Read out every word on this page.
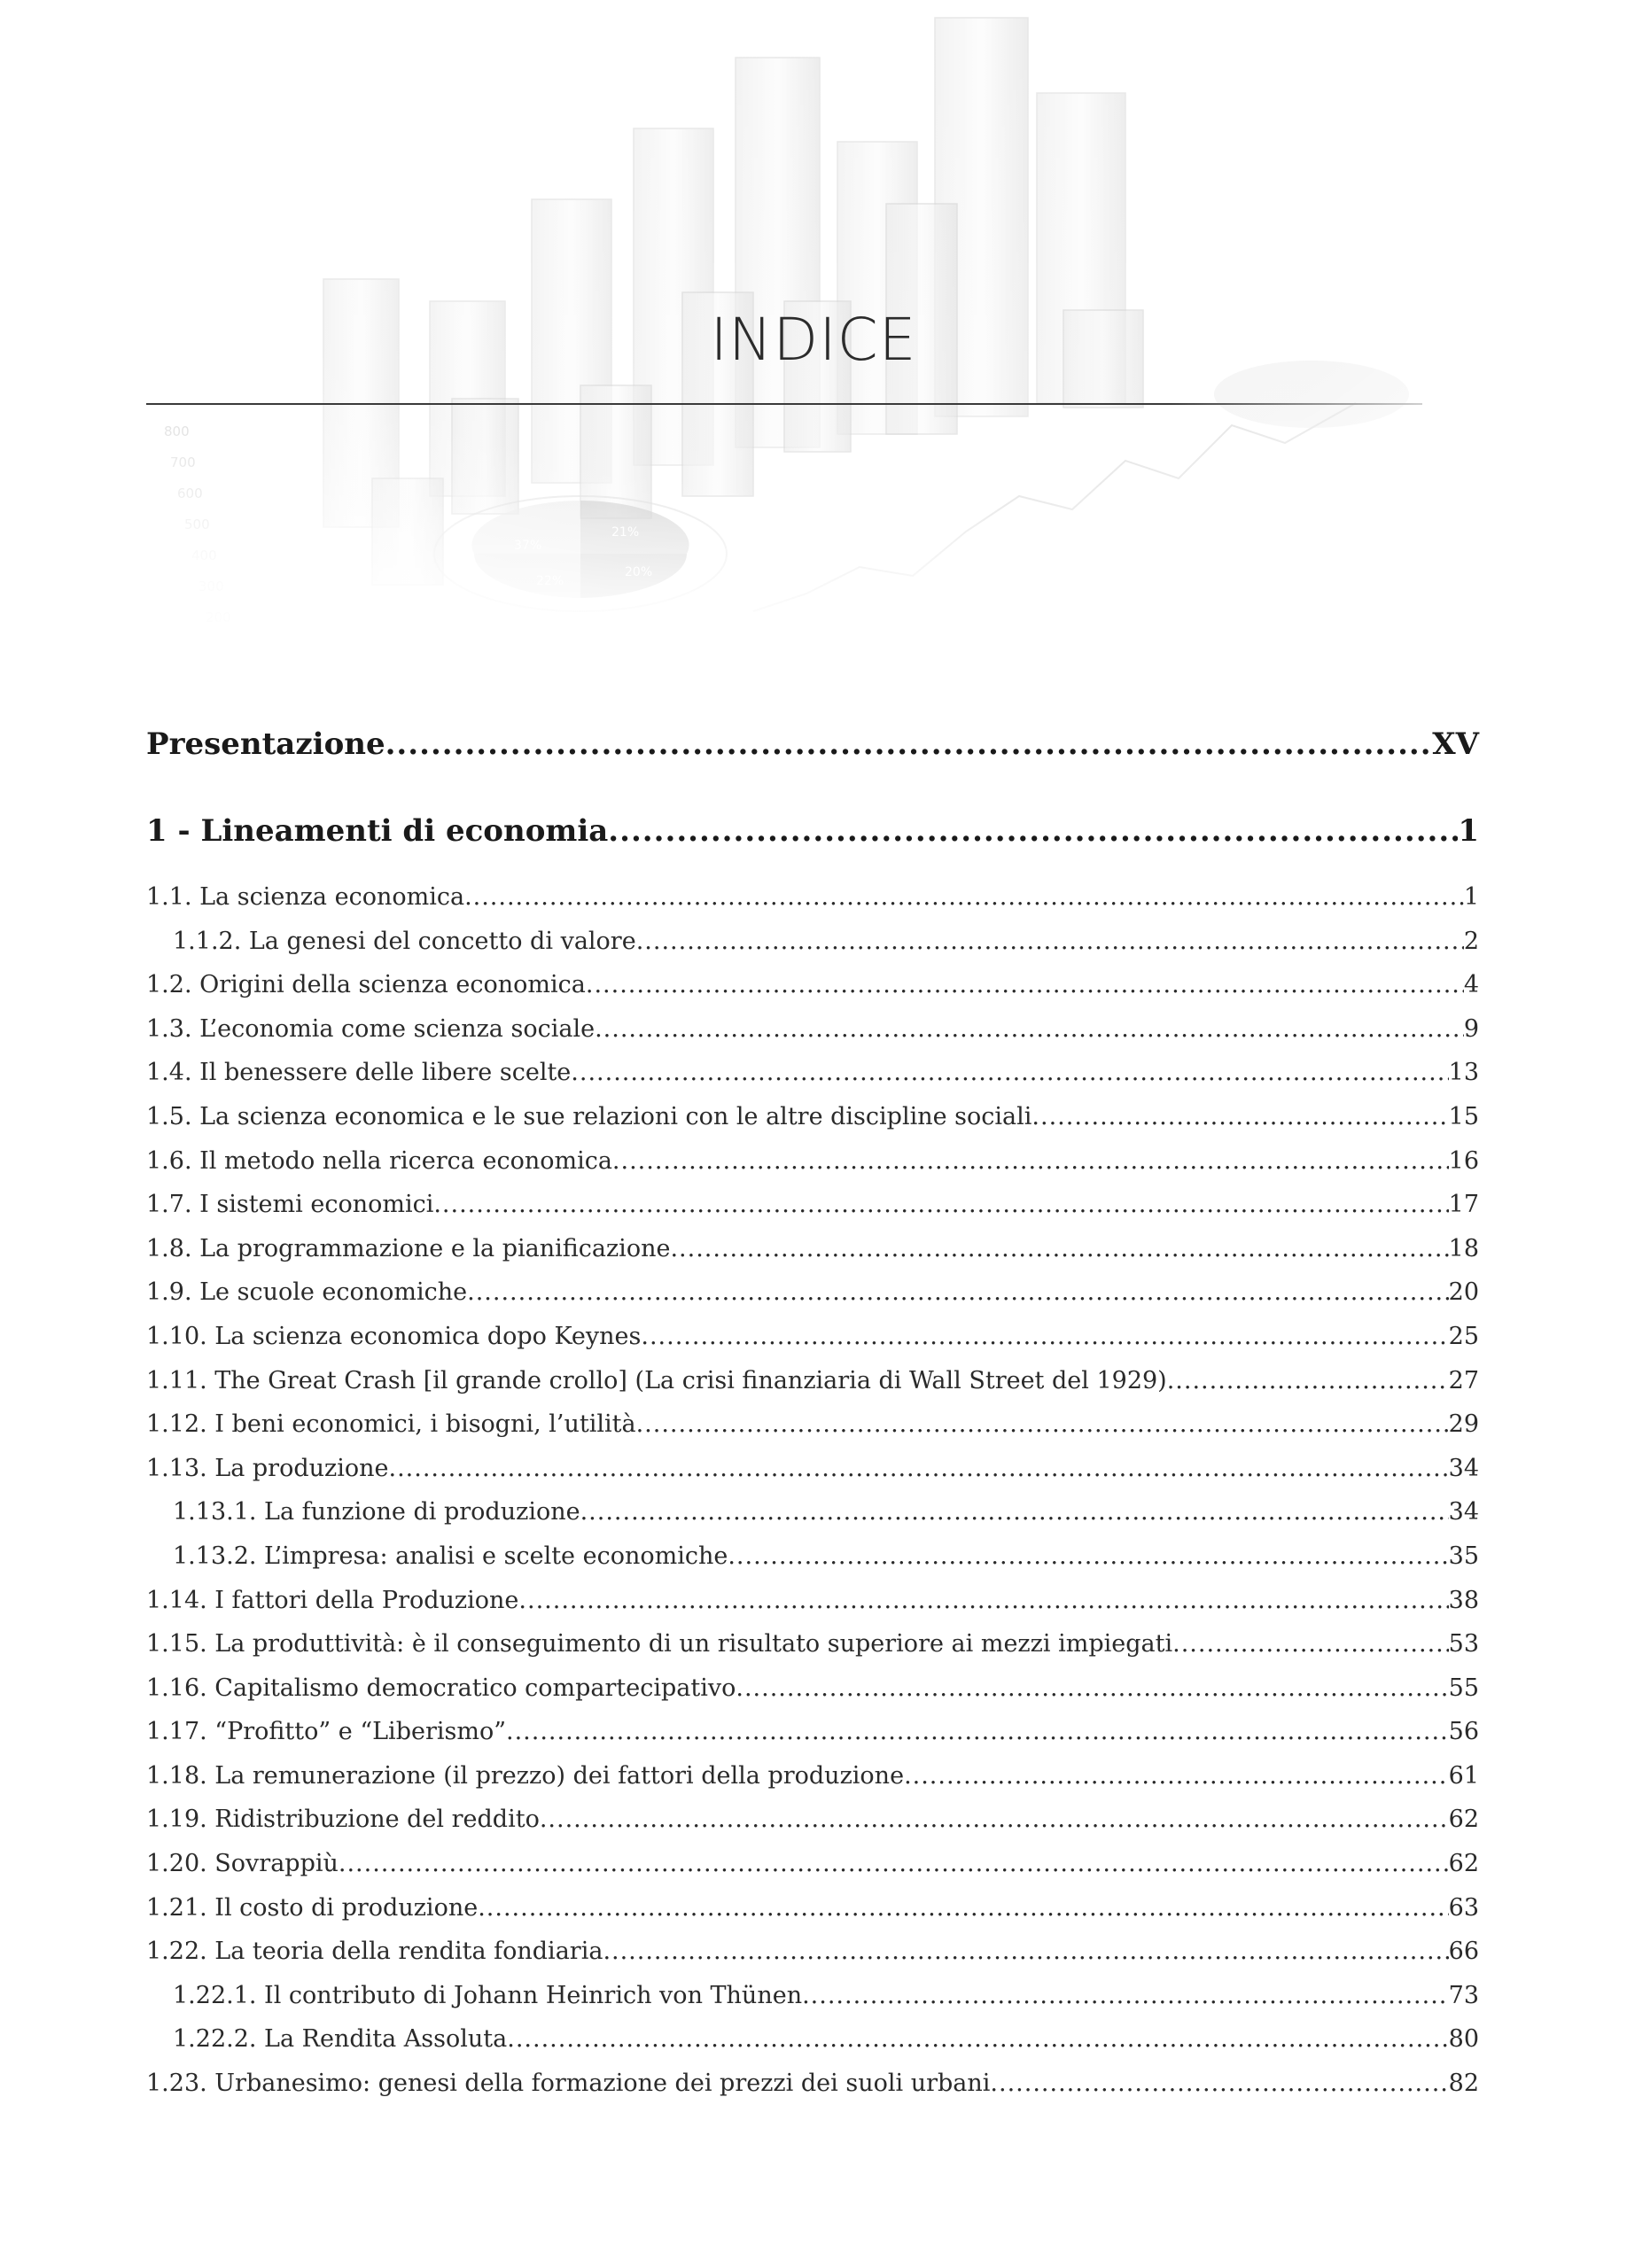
INDICE
Presentazione .....	XV
1 - Lineamenti di economia .....	1
1.1. La scienza economica .....	1
1.1.2. La genesi del concetto di valore .....	2
1.2. Origini della scienza economica .....	4
1.3. L’economia come scienza sociale .....	9
1.4. Il benessere delle libere scelte .....	13
1.5. La scienza economica e le sue relazioni con le altre discipline sociali .....	15
1.6. Il metodo nella ricerca economica .....	16
1.7. I sistemi economici .....	17
1.8. La programmazione e la pianificazione .....	18
1.9. Le scuole economiche .....	20
1.10. La scienza economica dopo Keynes .....	25
1.11. The Great Crash [il grande crollo] (La crisi finanziaria di Wall Street del 1929) .....	27
1.12. I beni economici, i bisogni, l’utilità .....	29
1.13. La produzione .....	34
1.13.1. La funzione di produzione .....	34
1.13.2. L’impresa: analisi e scelte economiche .....	35
1.14. I fattori della Produzione .....	38
1.15. La produttività: è il conseguimento di un risultato superiore ai mezzi impiegati .....	53
1.16. Capitalismo democratico compartecipativo .....	55
1.17. “Profitto” e “Liberismo” .....	56
1.18. La remunerazione (il prezzo) dei fattori della produzione .....	61
1.19. Ridistribuzione del reddito .....	62
1.20. Sovrappiù .....	62
1.21. Il costo di produzione .....	63
1.22. La teoria della rendita fondiaria .....	66
1.22.1. Il contributo di Johann Heinrich von Thünen .....	73
1.22.2. La Rendita Assoluta .....	80
1.23. Urbanesimo: genesi della formazione dei prezzi dei suoli urbani .....	82
